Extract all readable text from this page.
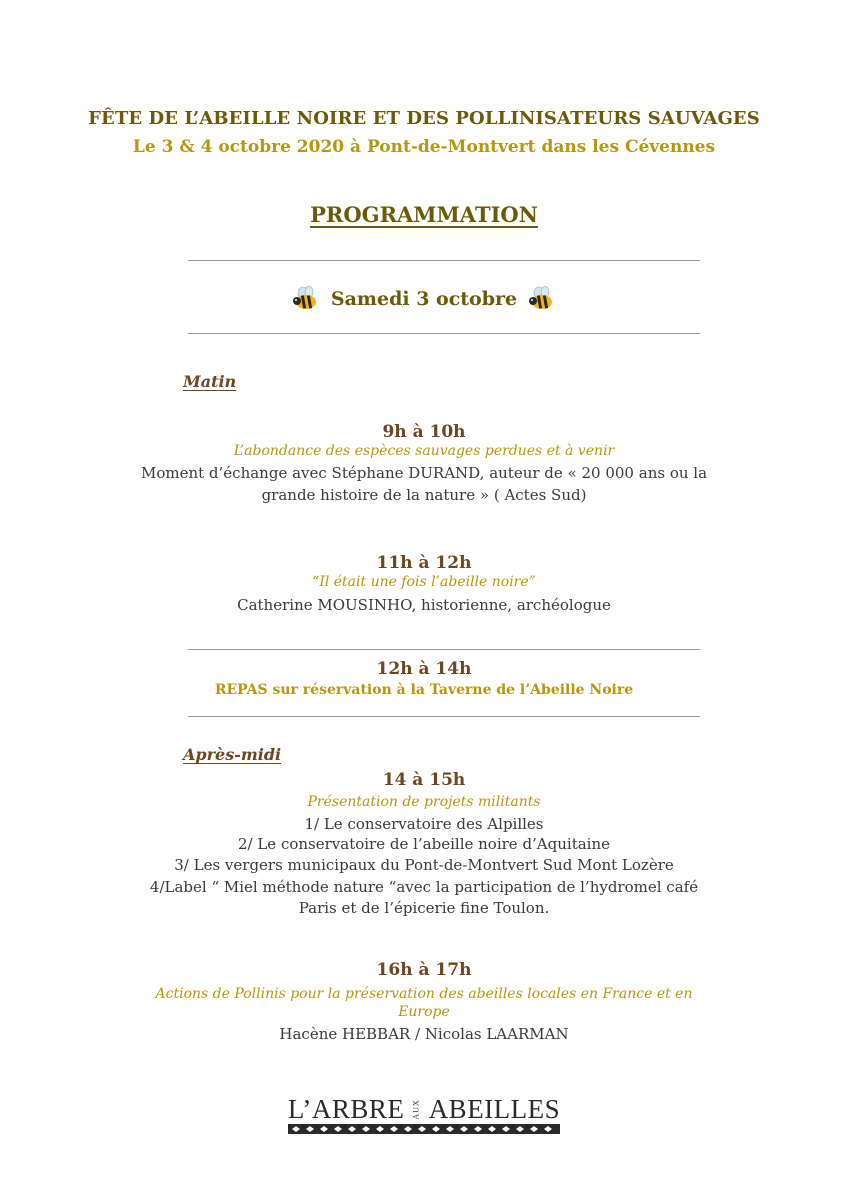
FÊTE DE L’ABEILLE NOIRE ET DES POLLINISATEURS SAUVAGES
Le 3 & 4 octobre 2020 à Pont-de-Montvert dans les Cévennes
PROGRAMMATION
Samedi 3 octobre
Matin
9h à 10h
L’abondance des espèces sauvages perdues et à venir
Moment d’échange avec Stéphane DURAND, auteur de « 20 000 ans ou la
grande histoire de la nature » ( Actes Sud)
11h à 12h
“Il était une fois l’abeille noire”
Catherine MOUSINHO, historienne, archéologue
12h à 14h
REPAS sur réservation à la Taverne de l’Abeille Noire
Après-midi
14 à 15h
Présentation de projets militants
1/ Le conservatoire des Alpilles
2/ Le conservatoire de l’abeille noire d’Aquitaine
3/ Les vergers municipaux du Pont-de-Montvert Sud Mont Lozère
4/Label “ Miel méthode nature “avec la participation de l’hydromel café
Paris et de l’épicerie fine Toulon.
16h à 17h
Actions de Pollinis pour la préservation des abeilles locales en France et en
Europe
Hacène HEBBAR / Nicolas LAARMAN
L’ARBRE AUX ABEILLES
